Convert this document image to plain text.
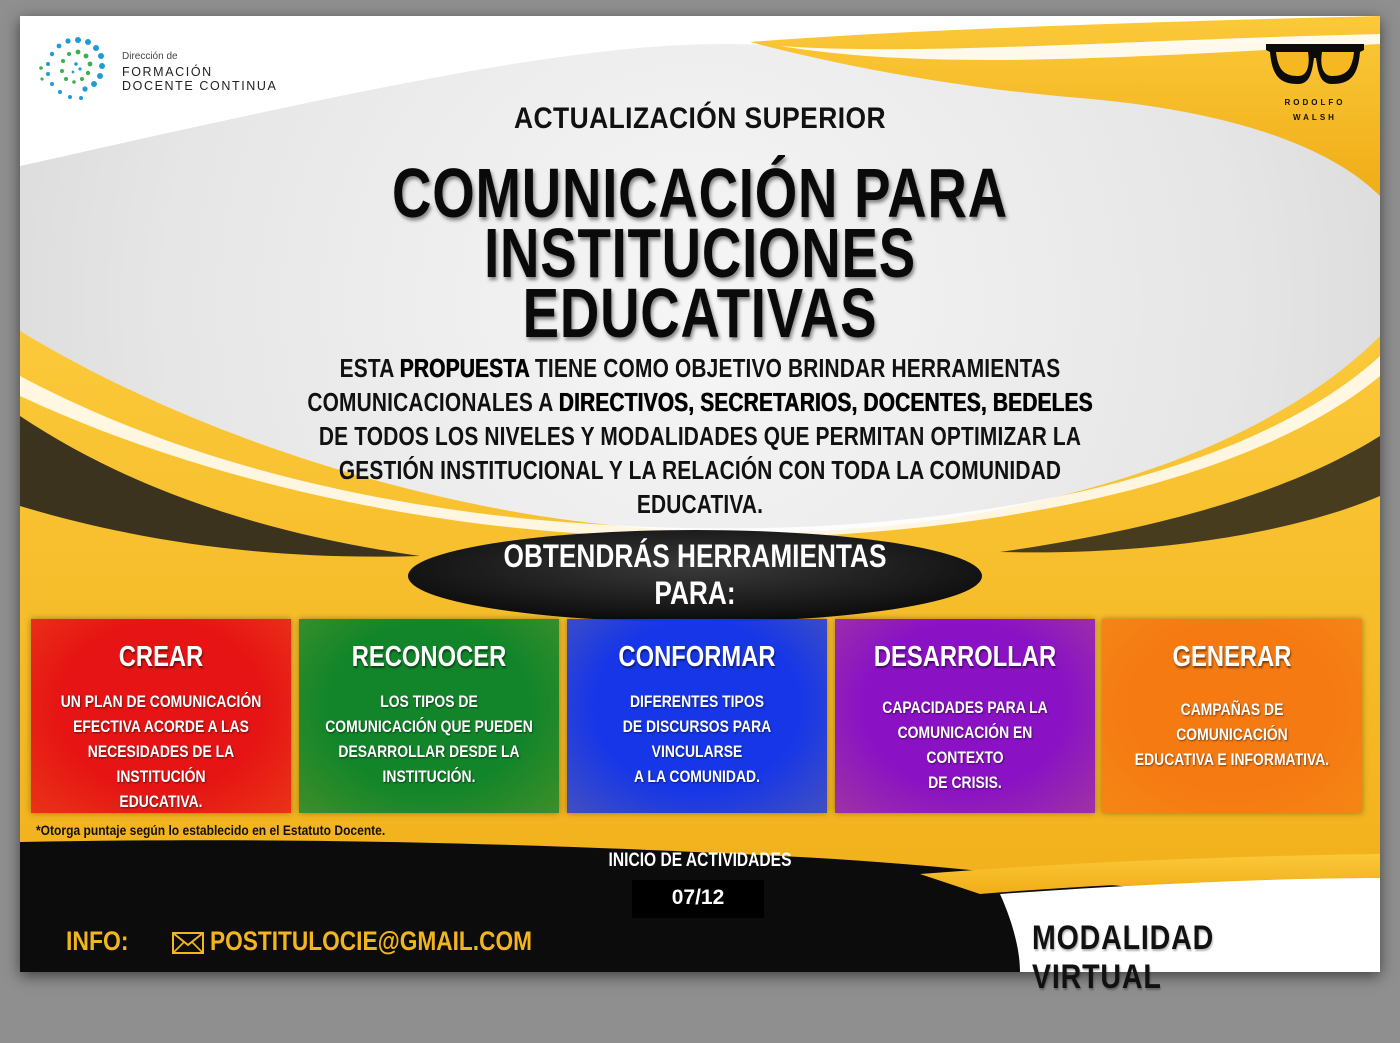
Dirección de
FORMACIÓN
DOCENTE CONTINUA
RODOLFO
WALSH
ACTUALIZACIÓN SUPERIOR
COMUNICACIÓN PARA
INSTITUCIONES
EDUCATIVAS
ESTA PROPUESTA TIENE COMO OBJETIVO BRINDAR HERRAMIENTAS COMUNICACIONALES A DIRECTIVOS, SECRETARIOS, DOCENTES, BEDELES DE TODOS LOS NIVELES Y MODALIDADES QUE PERMITAN OPTIMIZAR LA GESTIÓN INSTITUCIONAL Y LA RELACIÓN CON TODA LA COMUNIDAD EDUCATIVA.
OBTENDRÁS HERRAMIENTAS PARA:
CREAR
UN PLAN DE COMUNICACIÓN
EFECTIVA ACORDE A LAS
NECESIDADES DE LA INSTITUCIÓN
EDUCATIVA.
RECONOCER
LOS TIPOS DE
COMUNICACIÓN QUE PUEDEN
DESARROLLAR DESDE LA
INSTITUCIÓN.
CONFORMAR
DIFERENTES TIPOS
DE DISCURSOS PARA
VINCULARSE
A LA COMUNIDAD.
DESARROLLAR
CAPACIDADES PARA LA
COMUNICACIÓN EN CONTEXTO
DE CRISIS.
GENERAR
CAMPAÑAS DE COMUNICACIÓN
EDUCATIVA E INFORMATIVA.
*Otorga puntaje según lo establecido en el Estatuto Docente.
INICIO DE ACTIVIDADES
07/12
INFO:	POSTITULOCIE@GMAIL.COM	MODALIDAD VIRTUAL
